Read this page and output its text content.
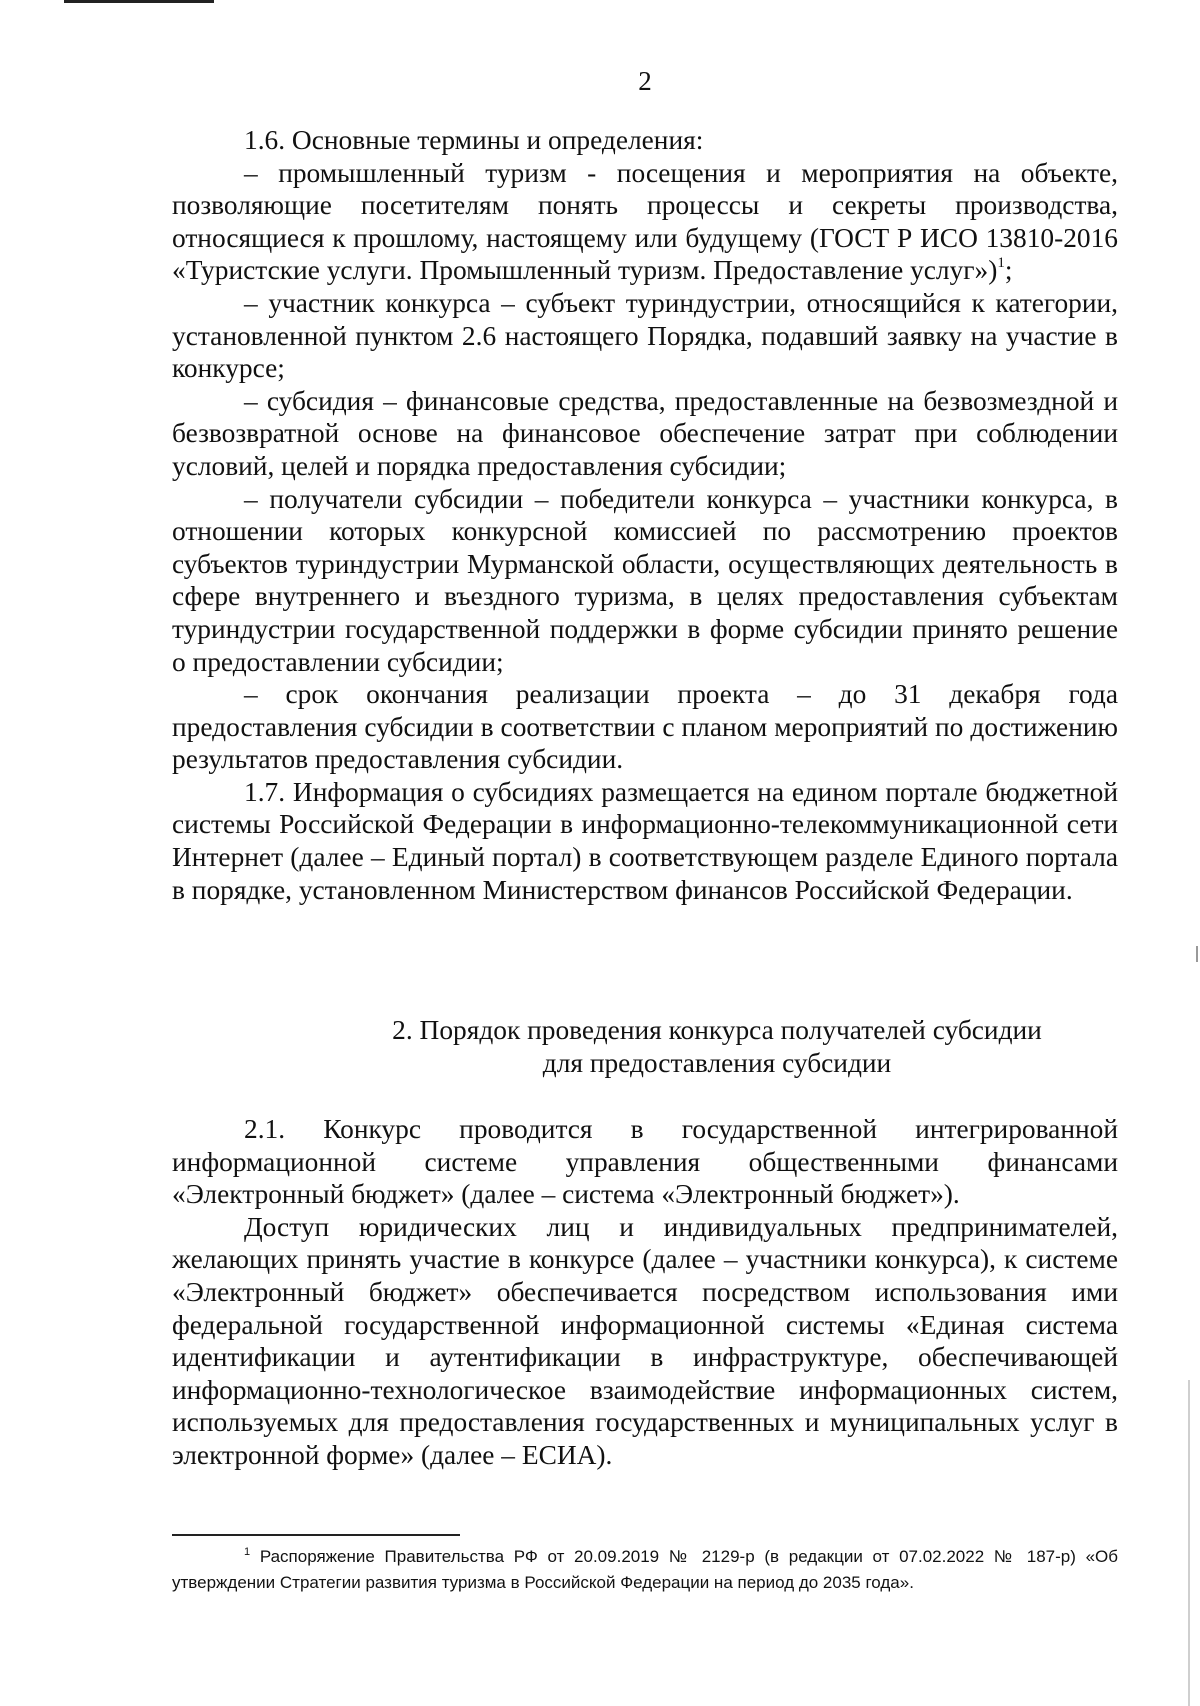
2

1.6. Основные термины и определения:

– промышленный туризм - посещения и мероприятия на объекте, позволяющие посетителям понять процессы и секреты производства, относящиеся к прошлому, настоящему или будущему (ГОСТ Р ИСО 13810-2016 «Туристские услуги. Промышленный туризм. Предоставление услуг»)$^1$;

– участник конкурса – субъект туриндустрии, относящийся к категории, установленной пунктом 2.6 настоящего Порядка, подавший заявку на участие в конкурсе;

– субсидия – финансовые средства, предоставленные на безвозмездной и безвозвратной основе на финансовое обеспечение затрат при соблюдении условий, целей и порядка предоставления субсидии;

– получатели субсидии – победители конкурса – участники конкурса, в отношении которых конкурсной комиссией по рассмотрению проектов субъектов туриндустрии Мурманской области, осуществляющих деятельность в сфере внутреннего и въездного туризма, в целях предоставления субъектам туриндустрии государственной поддержки в форме субсидии принято решение о предоставлении субсидии;

– срок окончания реализации проекта – до 31 декабря года предоставления субсидии в соответствии с планом мероприятий по достижению результатов предоставления субсидии.

1.7. Информация о субсидиях размещается на едином портале бюджетной системы Российской Федерации в информационно-телекоммуникационной сети Интернет (далее – Единый портал) в соответствующем разделе Единого портала в порядке, установленном Министерством финансов Российской Федерации.

2. Порядок проведения конкурса получателей субсидии
для предоставления субсидии

2.1. Конкурс проводится в государственной интегрированной информационной системе управления общественными финансами «Электронный бюджет» (далее – система «Электронный бюджет»).

Доступ юридических лиц и индивидуальных предпринимателей, желающих принять участие в конкурсе (далее – участники конкурса), к системе «Электронный бюджет» обеспечивается посредством использования ими федеральной государственной информационной системы «Единая система идентификации и аутентификации в инфраструктуре, обеспечивающей информационно-технологическое взаимодействие информационных систем, используемых для предоставления государственных и муниципальных услуг в электронной форме» (далее – ЕСИА).

$^1$ Распоряжение Правительства РФ от 20.09.2019 № 2129-р (в редакции от 07.02.2022 № 187-р) «Об утверждении Стратегии развития туризма в Российской Федерации на период до 2035 года».
